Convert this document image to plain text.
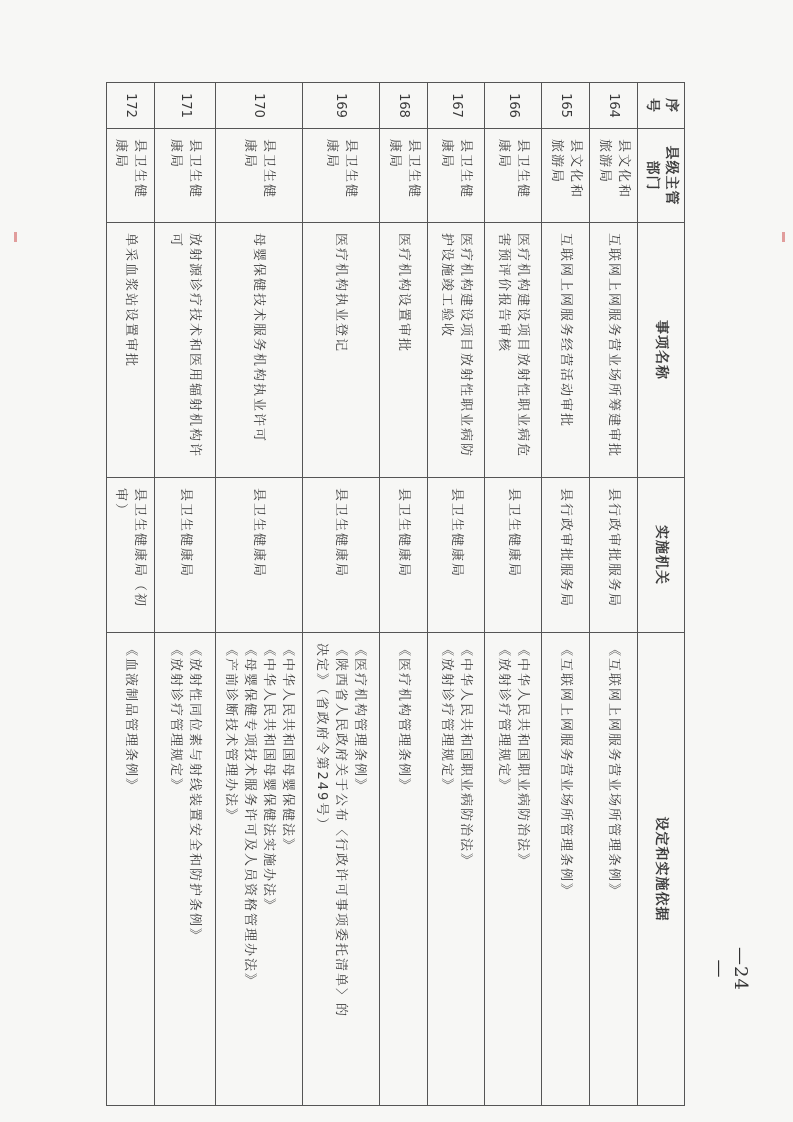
序号	县级主管部门	事项名称	实施机关	设定和实施依据
164	县文化和旅游局	互联网上网服务营业场所筹建审批	县行政审批服务局	《互联网上网服务营业场所管理条例》

165	县文化和旅游局	互联网上网服务经营活动审批	县行政审批服务局	《互联网上网服务营业场所管理条例》

166	县卫生健康局	医疗机构建设项目放射性职业病危害预评价报告审核	县卫生健康局	《中华人民共和国职业病防治法》
《放射诊疗管理规定》

167	县卫生健康局	医疗机构建设项目放射性职业病防护设施竣工验收	县卫生健康局	《中华人民共和国职业病防治法》
《放射诊疗管理规定》

168	县卫生健康局	医疗机构设置审批	县卫生健康局	《医疗机构管理条例》

169	县卫生健康局	医疗机构执业登记	县卫生健康局	《医疗机构管理条例》
《陕西省人民政府关于公布〈行政许可事项委托清单〉的
决定》（省政府令第249号）

170	县卫生健康局	母婴保健技术服务机构执业许可	县卫生健康局	《中华人民共和国母婴保健法》
《中华人民共和国母婴保健法实施办法》
《母婴保健专项技术服务许可及人员资格管理办法》
《产前诊断技术管理办法》

171	县卫生健康局	放射源诊疗技术和医用辐射机构许可	县卫生健康局	《放射性同位素与射线装置安全和防护条例》
《放射诊疗管理规定》

172	县卫生健康局	单采血浆站设置审批	县卫生健康局（初审）	《血液制品管理条例》
—24—
